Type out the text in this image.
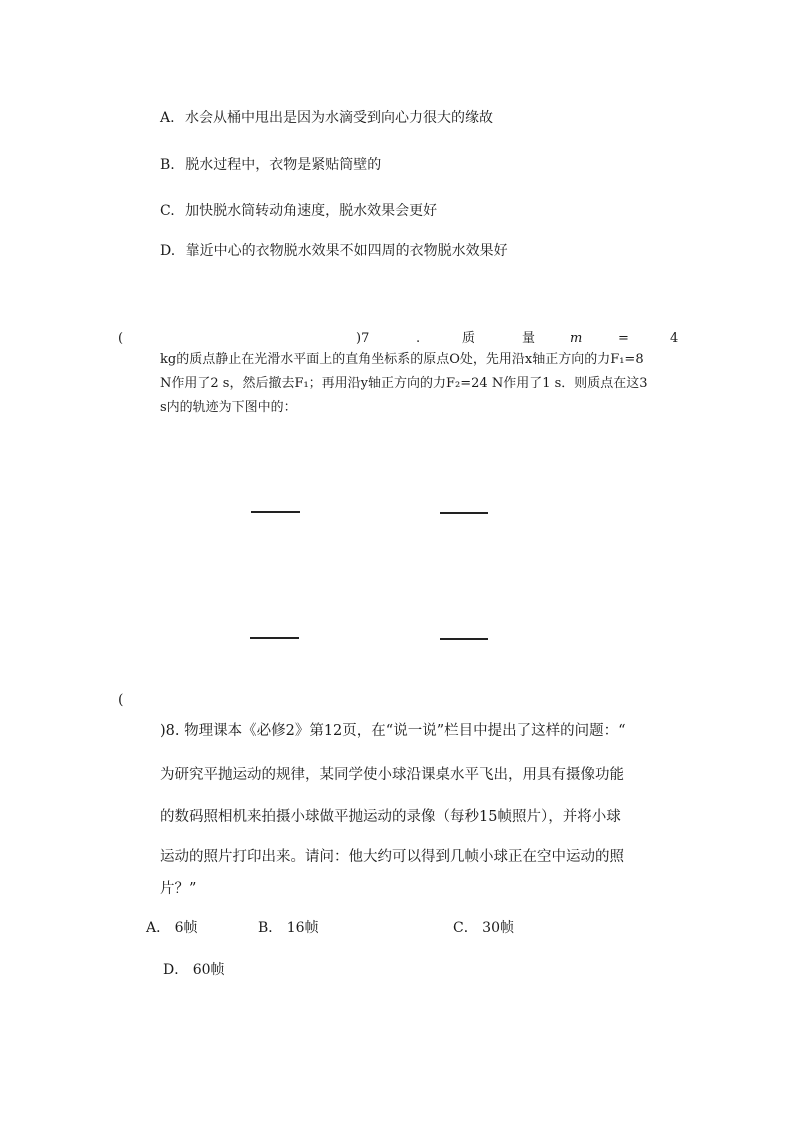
A. 水会从桶中甩出是因为水滴受到向心力很大的缘故
B. 脱水过程中，衣物是紧贴筒壁的
C. 加快脱水筒转动角速度，脱水效果会更好
D. 靠近中心的衣物脱水效果不如四周的衣物脱水效果好
(	)7	.	质	量	m	=	4
kg的质点静止在光滑水平面上的直角坐标系的原点O处，先用沿x轴正方向的力F₁=8
N作用了2 s，然后撤去F₁；再用沿y轴正方向的力F₂=24 N作用了1 s．则质点在这3
s内的轨迹为下图中的：
(
)8. 物理课本《必修2》第12页，在“说一说”栏目中提出了这样的问题：“
为研究平抛运动的规律，某同学使小球沿课桌水平飞出，用具有摄像功能
的数码照相机来拍摄小球做平抛运动的录像（每秒15帧照片），并将小球
运动的照片打印出来。请问：他大约可以得到几帧小球正在空中运动的照
片？”
A． 6帧	B． 16帧	C． 30帧
D． 60帧
